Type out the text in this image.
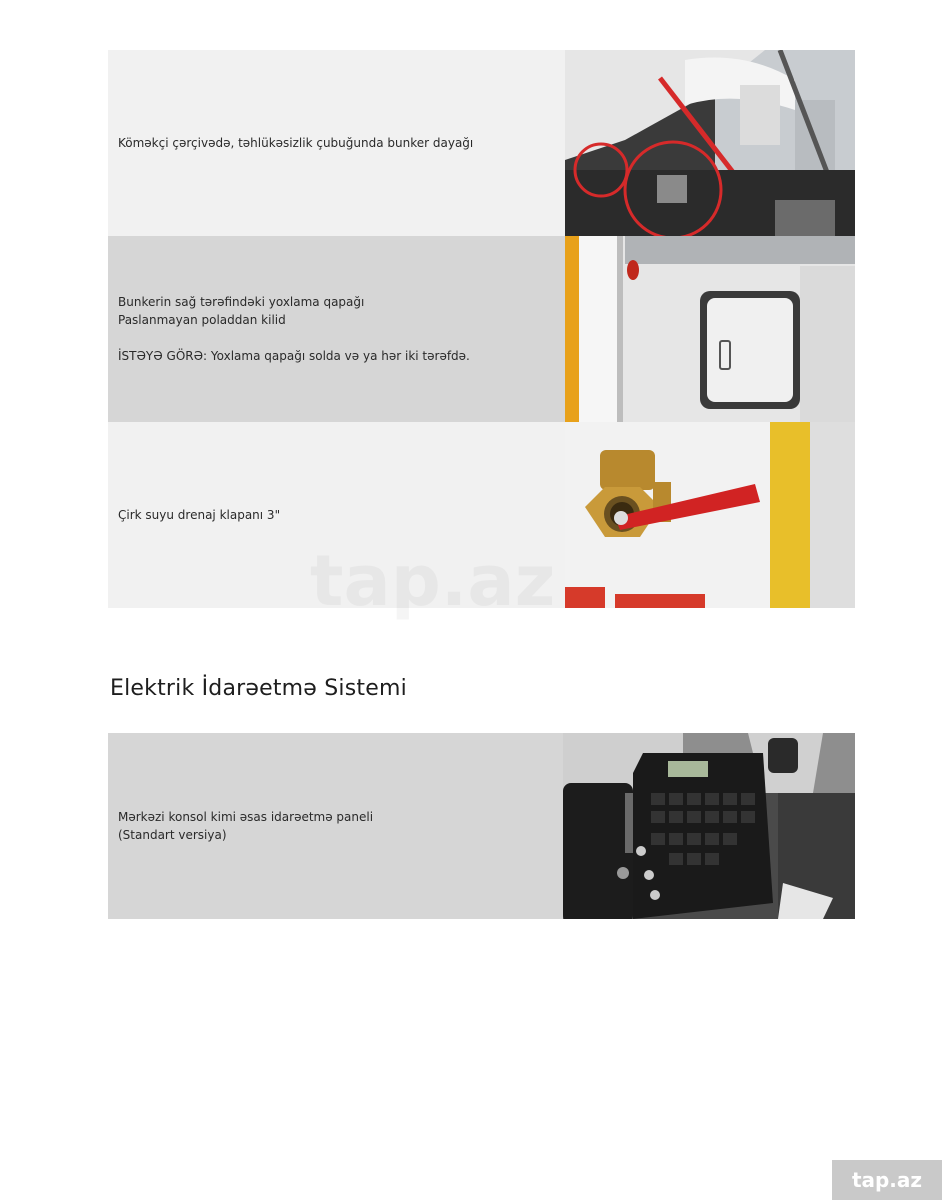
Köməkçi çərçivədə, təhlükəsizlik çubuğunda bunker dayağı
Bunkerin sağ tərəfindəki yoxlama qapağı
Paslanmayan poladdan kilid
İSTƏYƏ GÖRƏ: Yoxlama qapağı solda və ya hər iki tərəfdə.
Çirk suyu drenaj klapanı 3"
Elektrik İdarəetmə Sistemi
Mərkəzi konsol kimi əsas idarəetmə paneli
(Standart versiya)
tap.az
